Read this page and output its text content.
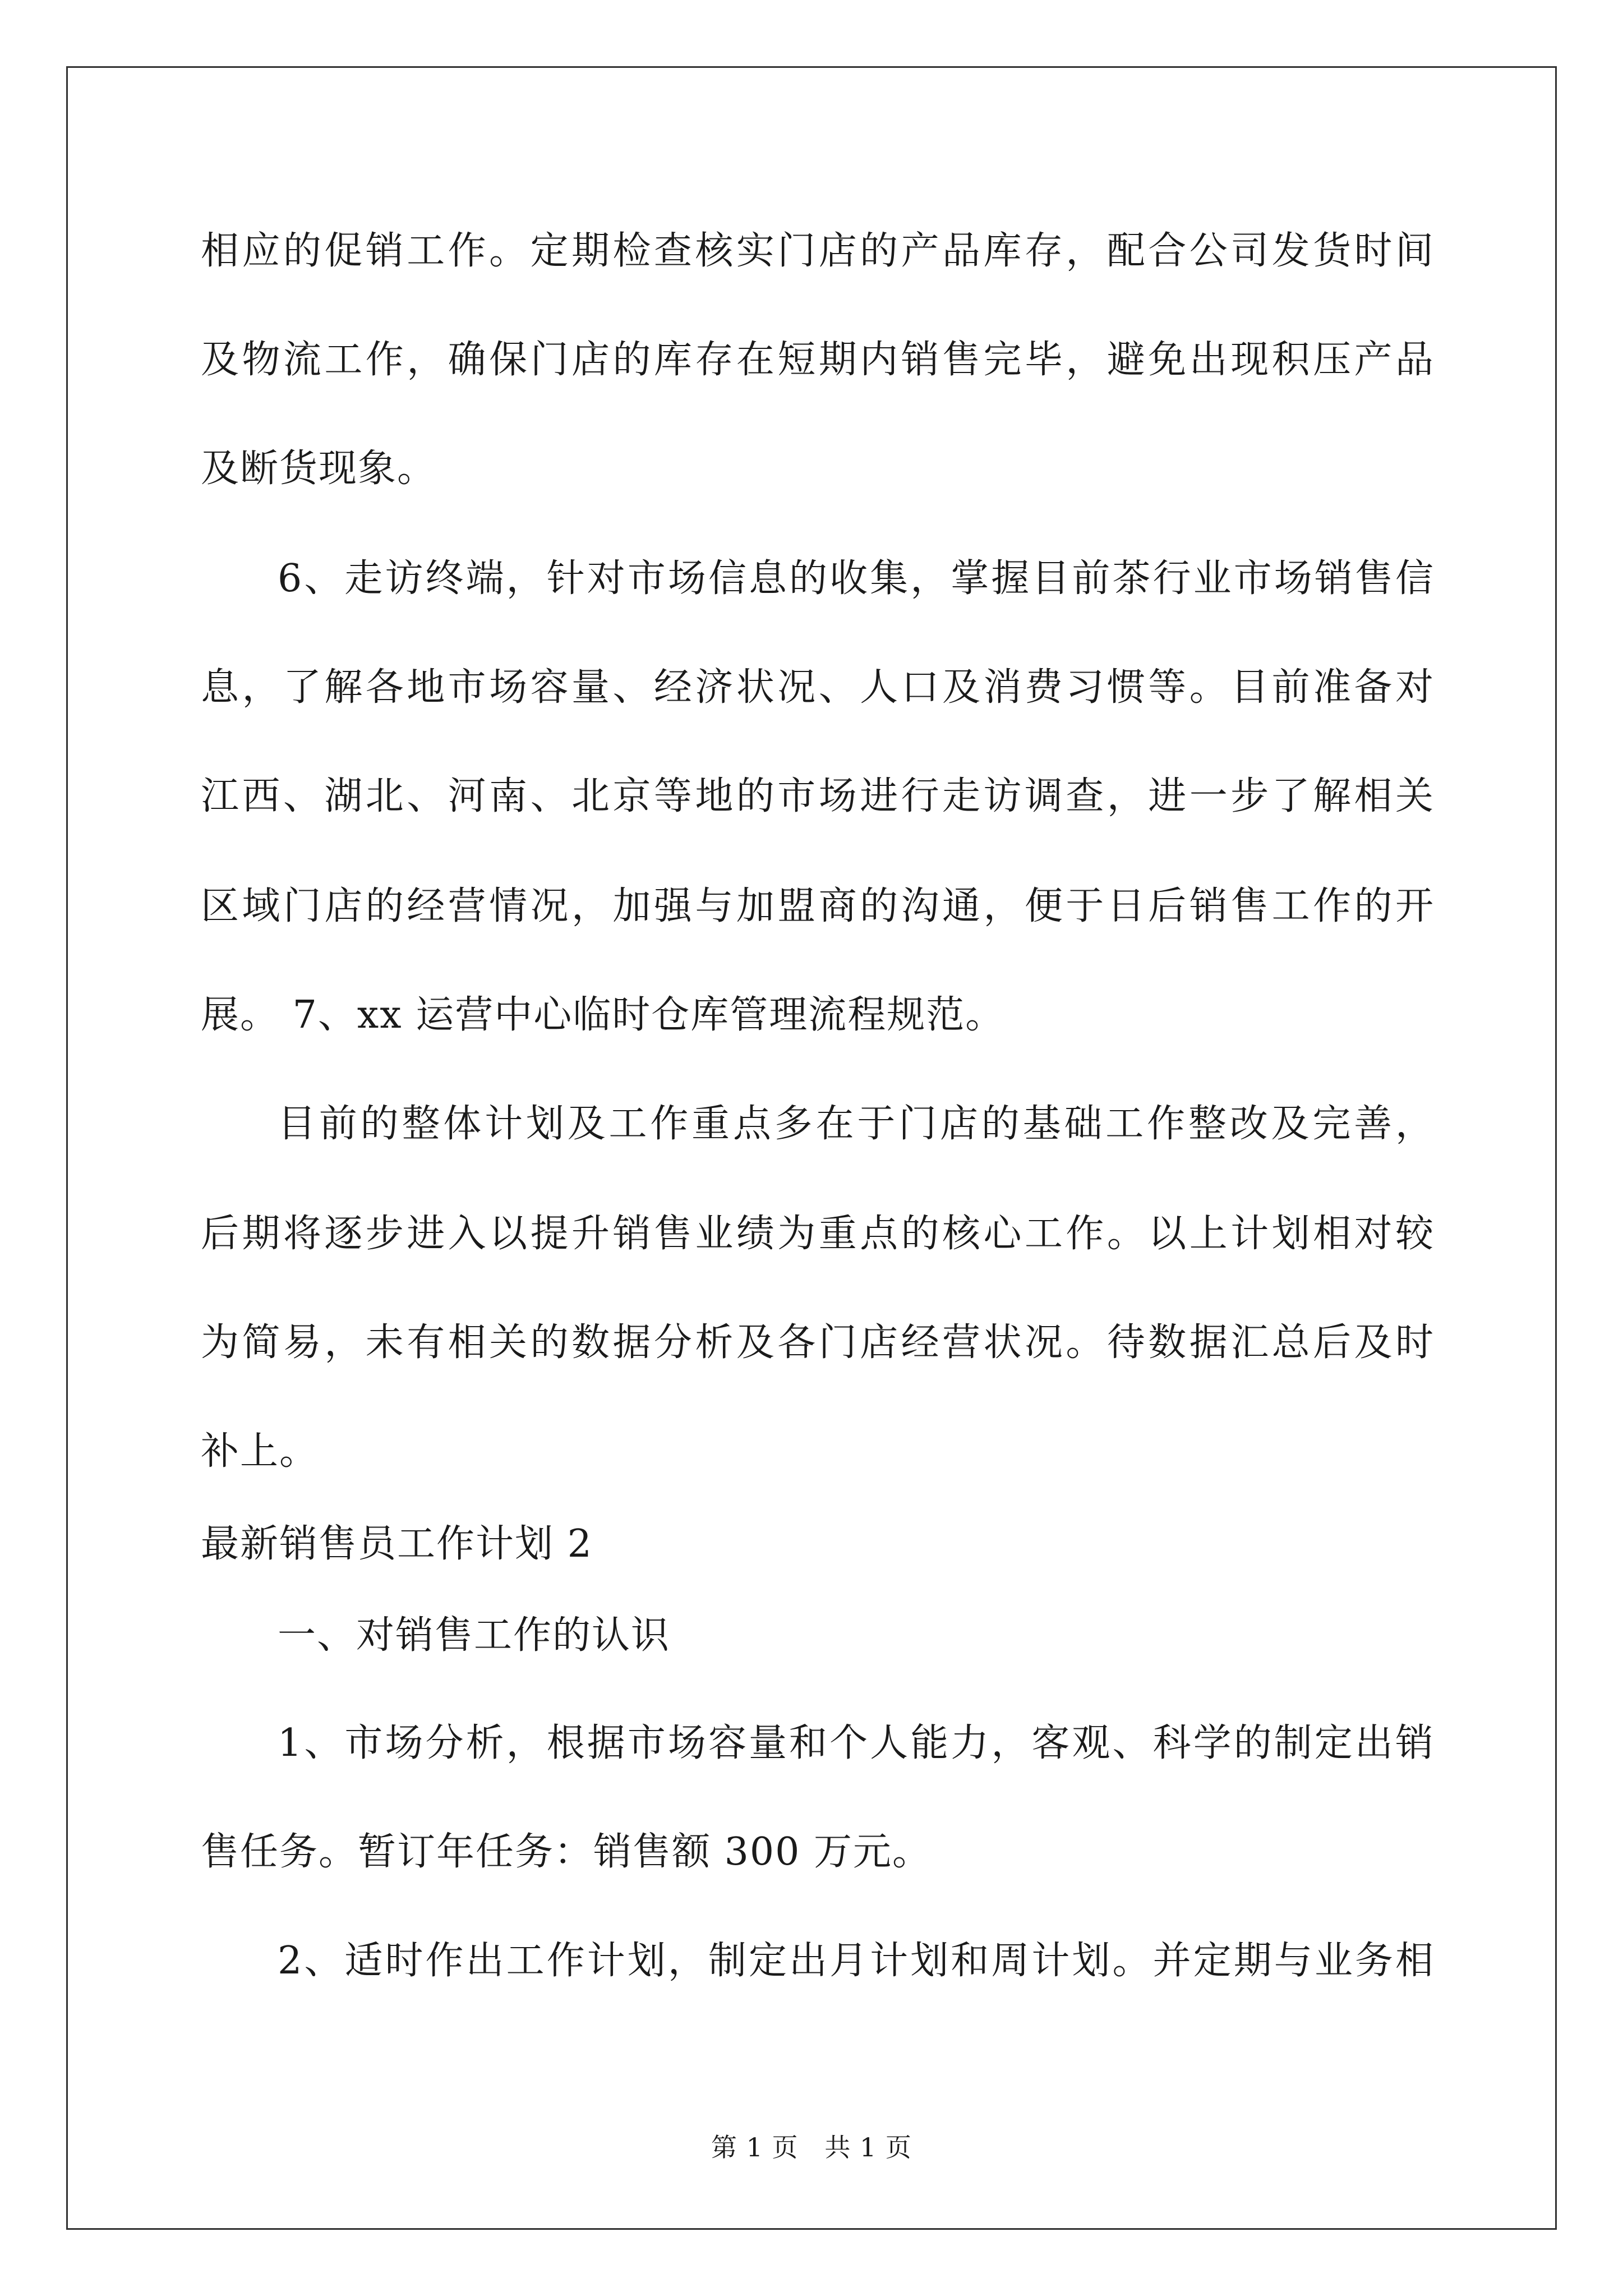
相应的促销工作。定期检查核实门店的产品库存，配合公司发货时间
及物流工作，确保门店的库存在短期内销售完毕，避免出现积压产品
及断货现象。
6、走访终端，针对市场信息的收集，掌握目前茶行业市场销售信
息，了解各地市场容量、经济状况、人口及消费习惯等。目前准备对
江西、湖北、河南、北京等地的市场进行走访调查，进一步了解相关
区域门店的经营情况，加强与加盟商的沟通，便于日后销售工作的开
展。 7、xx 运营中心临时仓库管理流程规范。
目前的整体计划及工作重点多在于门店的基础工作整改及完善，
后期将逐步进入以提升销售业绩为重点的核心工作。以上计划相对较
为简易，未有相关的数据分析及各门店经营状况。待数据汇总后及时
补上。
最新销售员工作计划 2
一、对销售工作的认识
1、市场分析，根据市场容量和个人能力，客观、科学的制定出销
售任务。暂订年任务：销售额 300 万元。
2、适时作出工作计划，制定出月计划和周计划。并定期与业务相
第 1 页   共 1 页
